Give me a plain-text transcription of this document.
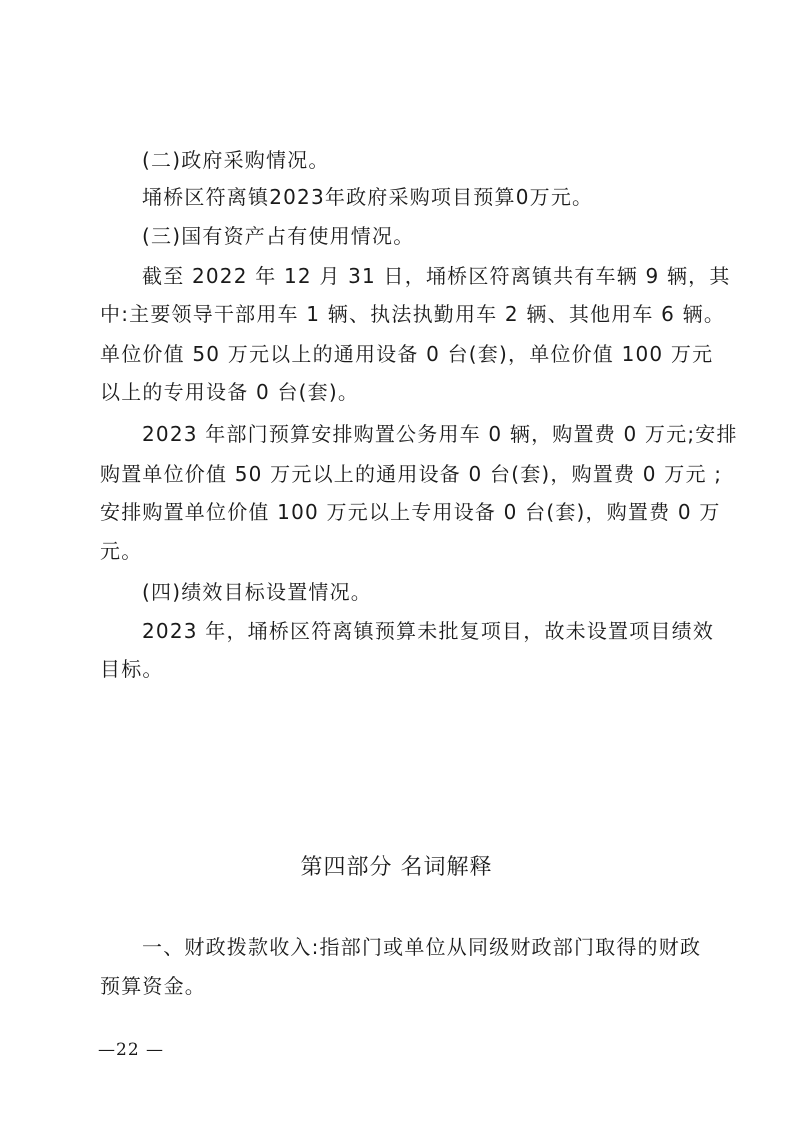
(二)政府采购情况。
埇桥区符离镇2023年政府采购项目预算0万元。
(三)国有资产占有使用情况。
截至 2022 年 12 月 31 日，埇桥区符离镇共有车辆 9 辆，其
中:主要领导干部用车 1 辆、执法执勤用车 2 辆、其他用车 6 辆。
单位价值 50 万元以上的通用设备 0 台(套)，单位价值 100 万元
以上的专用设备 0 台(套)。
2023 年部门预算安排购置公务用车 0 辆，购置费 0 万元;安排
购置单位价值 50 万元以上的通用设备 0 台(套)，购置费 0 万元 ;
安排购置单位价值 100 万元以上专用设备 0 台(套)，购置费 0 万
元。
(四)绩效目标设置情况。
2023 年，埇桥区符离镇预算未批复项目，故未设置项目绩效
目标。
第四部分 名词解释
一、财政拨款收入:指部门或单位从同级财政部门取得的财政
预算资金。
—22 —
